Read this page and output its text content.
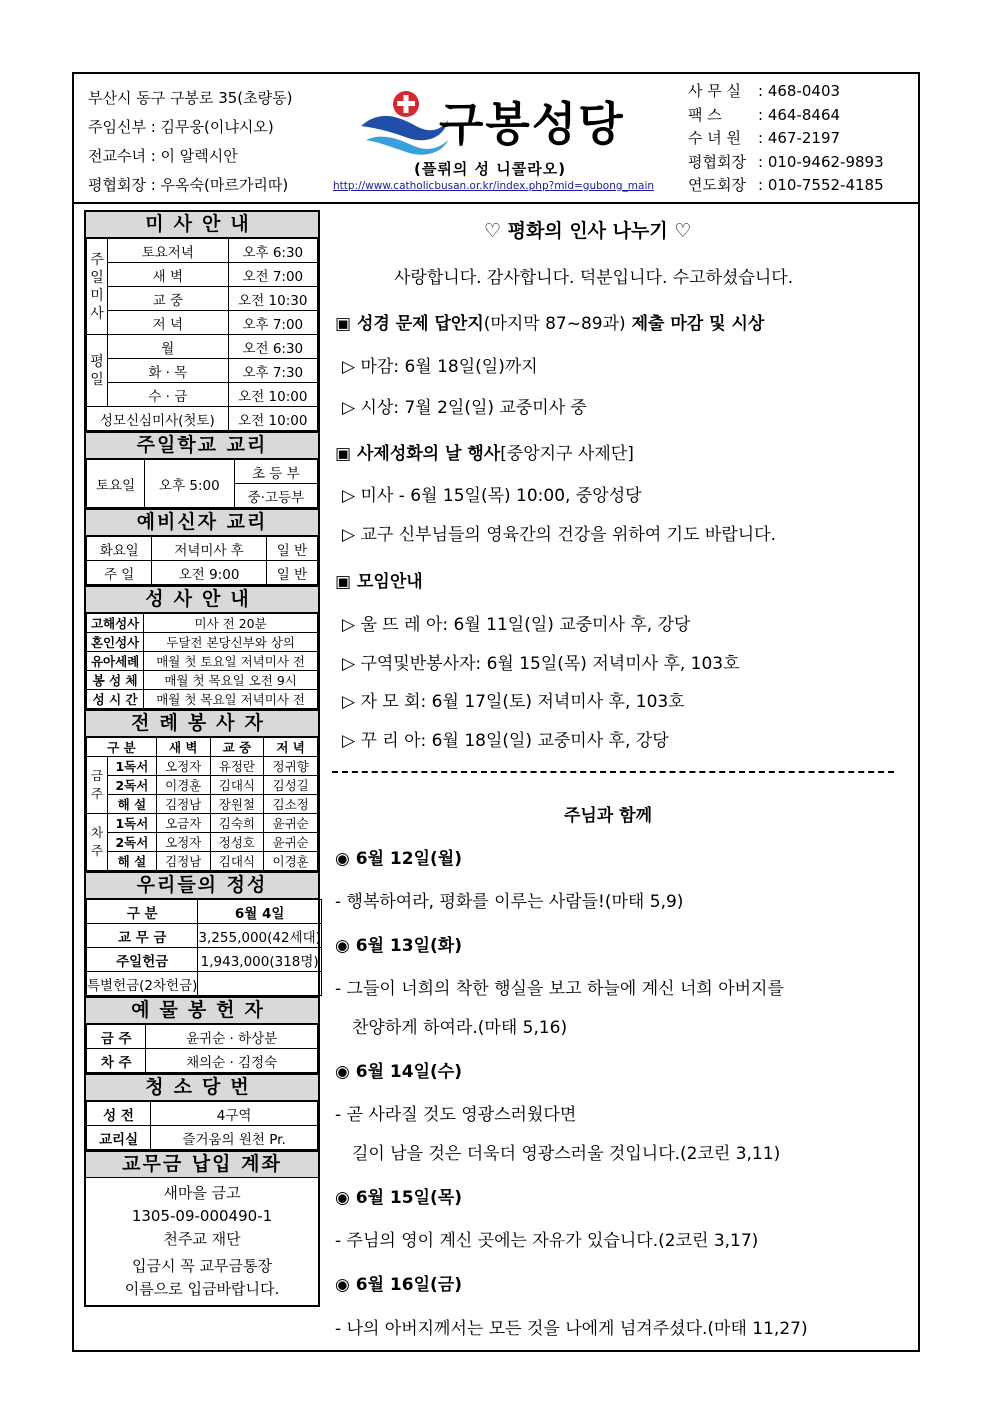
부산시 동구 구봉로 35(초량동)
주임신부 : 김무웅(이냐시오)
전교수녀 : 이 알렉시안
평협회장 : 우옥숙(마르가리따)
구봉성당
(플뤼의 성 니콜라오)
http://www.catholicbusan.or.kr/index.php?mid=gubong_main
사 무 실	: 468-0403
팩 스	: 464-8464
수 녀 원	: 467-2197
평협회장 : 010-9462-9893
연도회장 : 010-7552-4185
미사안내
주일미사	토요저녁	오후 6:30
	새 벽	오전 7:00
	교 중	오전 10:30
	저 녁	오후 7:00
평일	월	오전 6:30
	화 · 목	오후 7:30
	수 · 금	오전 10:00
성모신심미사(첫토)		오전 10:00
주일학교 교리
토요일	오후 5:00	초 등 부
중·고등부
예비신자 교리
화요일	저녁미사 후	일 반
주 일	오전 9:00	일 반
성사안내
고해성사	미사 전 20분
혼인성사	두달전 본당신부와 상의
유아세례	매월 첫 토요일 저녁미사 전
봉 성 체	매월 첫 목요일 오전 9시
성 시 간	매월 첫 목요일 저녁미사 전
전례봉사자
구 분		새 벽	교 중	저 녁
금주	1독서	오정자	유정란	정귀향
	2독서	이경훈	김대식	김성길
	해 설	김정남	장원철	김소정
차주	1독서	오금자	김숙희	윤귀순
	2독서	오정자	정성호	윤귀순
	해 설	김정남	김대식	이경훈
우리들의 정성
구 분	6월 4일
교 무 금	3,255,000(42세대)
주일헌금	1,943,000(318명)
특별헌금(2차헌금)	
예물봉헌자
금 주	윤귀순 · 하상분
차 주	채의순 · 김정숙
청소당번
성 전	4구역
교리실	즐거움의 원천 Pr.
교무금 납입 계좌
새마을 금고
1305-09-000490-1
천주교 재단
입금시 꼭 교무금통장
이름으로 입금바랍니다.
♡ 평화의 인사 나누기 ♡
사랑합니다. 감사합니다. 덕분입니다. 수고하셨습니다.
▣ 성경 문제 답안지(마지막 87~89과) 제출 마감 및 시상
▷ 마감: 6월 18일(일)까지
▷ 시상: 7월 2일(일) 교중미사 중
▣ 사제성화의 날 행사[중앙지구 사제단]
▷ 미사 - 6월 15일(목) 10:00, 중앙성당
▷ 교구 신부님들의 영육간의 건강을 위하여 기도 바랍니다.
▣ 모임안내
▷ 울 뜨 레 아: 6월 11일(일) 교중미사 후, 강당
▷ 구역및반봉사자: 6월 15일(목) 저녁미사 후, 103호
▷ 자 모 회: 6월 17일(토) 저녁미사 후, 103호
▷ 꾸 리 아: 6월 18일(일) 교중미사 후, 강당
주님과 함께
◉ 6월 12일(월)
- 행복하여라, 평화를 이루는 사람들!(마태 5,9)
◉ 6월 13일(화)
- 그들이 너희의 착한 행실을 보고 하늘에 계신 너희 아버지를
찬양하게 하여라.(마태 5,16)
◉ 6월 14일(수)
- 곧 사라질 것도 영광스러웠다면
길이 남을 것은 더욱더 영광스러울 것입니다.(2코린 3,11)
◉ 6월 15일(목)
- 주님의 영이 계신 곳에는 자유가 있습니다.(2코린 3,17)
◉ 6월 16일(금)
- 나의 아버지께서는 모든 것을 나에게 넘겨주셨다.(마태 11,27)
